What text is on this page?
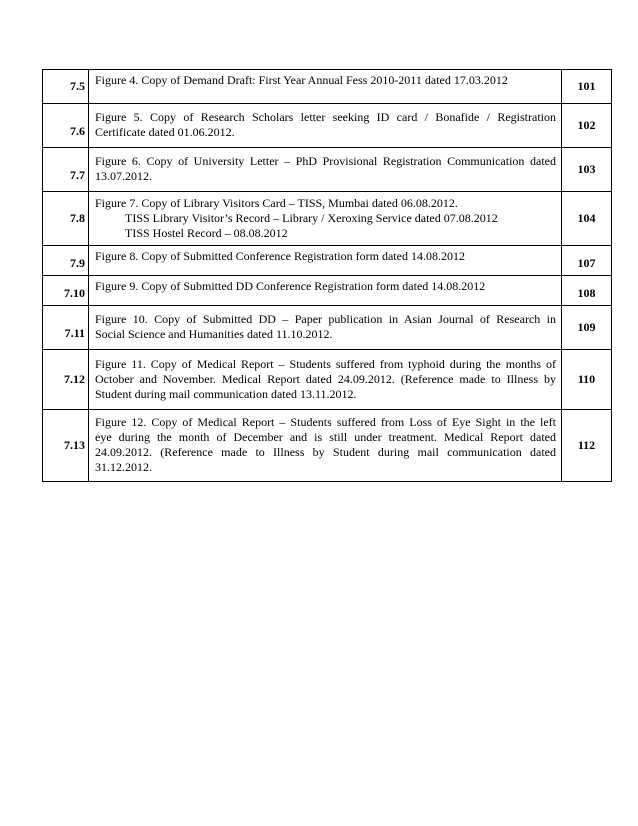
7.5	Figure 4. Copy of Demand Draft: First Year Annual Fess 2010-2011 dated 17.03.2012	101
7.6	Figure 5. Copy of Research Scholars letter seeking ID card / Bonafide / Registration
Certificate dated 01.06.2012.	102
7.7	Figure 6. Copy of University Letter – PhD Provisional Registration Communication dated
13.07.2012.	103
7.8	Figure 7. Copy of Library Visitors Card – TISS, Mumbai dated 06.08.2012.
TISS Library Visitor’s Record – Library / Xeroxing Service dated 07.08.2012
TISS Hostel Record – 08.08.2012	104
7.9	Figure 8. Copy of Submitted Conference Registration form dated 14.08.2012	107
7.10	Figure 9. Copy of Submitted DD Conference Registration form dated 14.08.2012	108
7.11	Figure 10. Copy of Submitted DD – Paper publication in Asian Journal of Research in
Social Science and Humanities dated 11.10.2012.	109
7.12	Figure 11. Copy of Medical Report – Students suffered from typhoid during the months of
October and November. Medical Report dated 24.09.2012. (Reference made to Illness by
Student during mail communication dated 13.11.2012.	110
7.13	Figure 12. Copy of Medical Report – Students suffered from Loss of Eye Sight in the left
eye during the month of December and is still under treatment. Medical Report dated
24.09.2012. (Reference made to Illness by Student during mail communication dated
31.12.2012.	112
